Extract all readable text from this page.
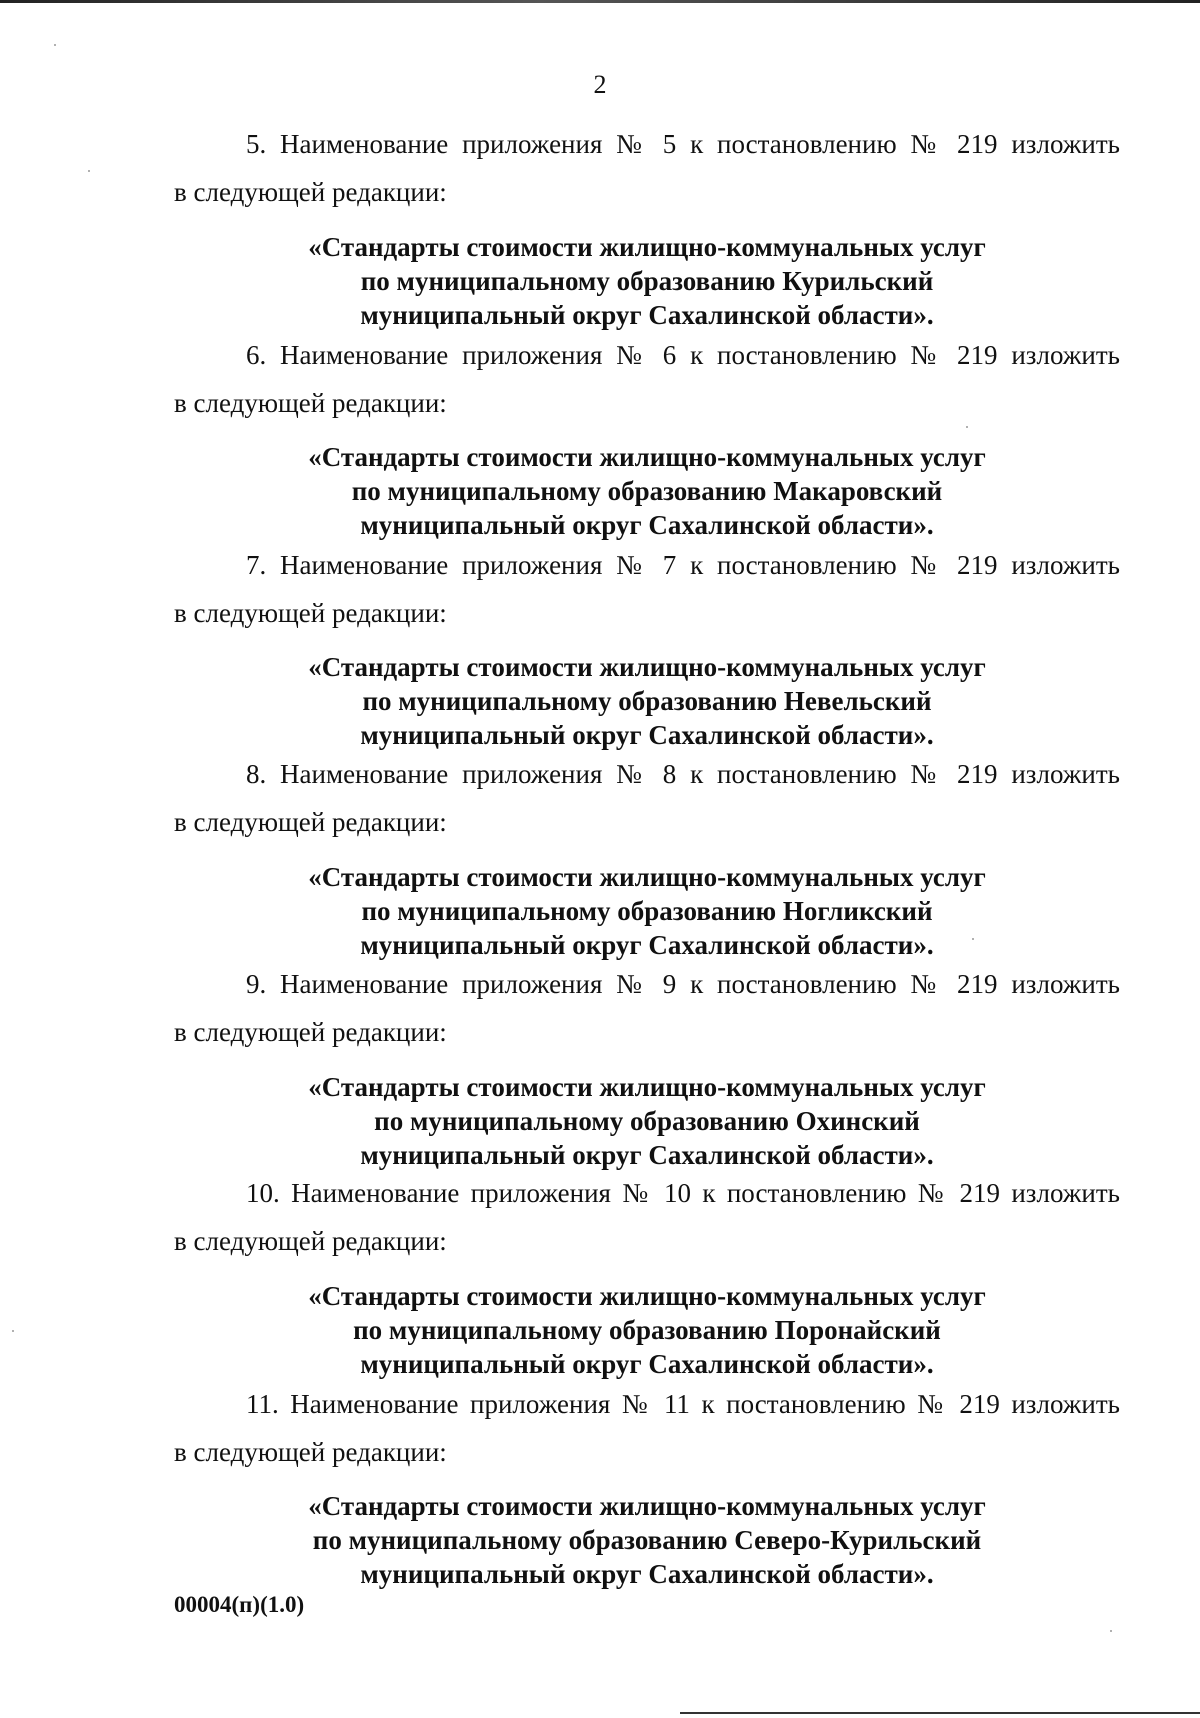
2
5. Наименование приложения № 5 к постановлению № 219 изложить
в следующей редакции:
«Стандарты стоимости жилищно-коммунальных услуг
по муниципальному образованию Курильский
муниципальный округ Сахалинской области».
6. Наименование приложения № 6 к постановлению № 219 изложить
в следующей редакции:
«Стандарты стоимости жилищно-коммунальных услуг
по муниципальному образованию Макаровский
муниципальный округ Сахалинской области».
7. Наименование приложения № 7 к постановлению № 219 изложить
в следующей редакции:
«Стандарты стоимости жилищно-коммунальных услуг
по муниципальному образованию Невельский
муниципальный округ Сахалинской области».
8. Наименование приложения № 8 к постановлению № 219 изложить
в следующей редакции:
«Стандарты стоимости жилищно-коммунальных услуг
по муниципальному образованию Ногликский
муниципальный округ Сахалинской области».
9. Наименование приложения № 9 к постановлению № 219 изложить
в следующей редакции:
«Стандарты стоимости жилищно-коммунальных услуг
по муниципальному образованию Охинский
муниципальный округ Сахалинской области».
10. Наименование приложения № 10 к постановлению № 219 изложить
в следующей редакции:
«Стандарты стоимости жилищно-коммунальных услуг
по муниципальному образованию Поронайский
муниципальный округ Сахалинской области».
11. Наименование приложения № 11 к постановлению № 219 изложить
в следующей редакции:
«Стандарты стоимости жилищно-коммунальных услуг
по муниципальному образованию Северо-Курильский
муниципальный округ Сахалинской области».
00004(п)(1.0)
